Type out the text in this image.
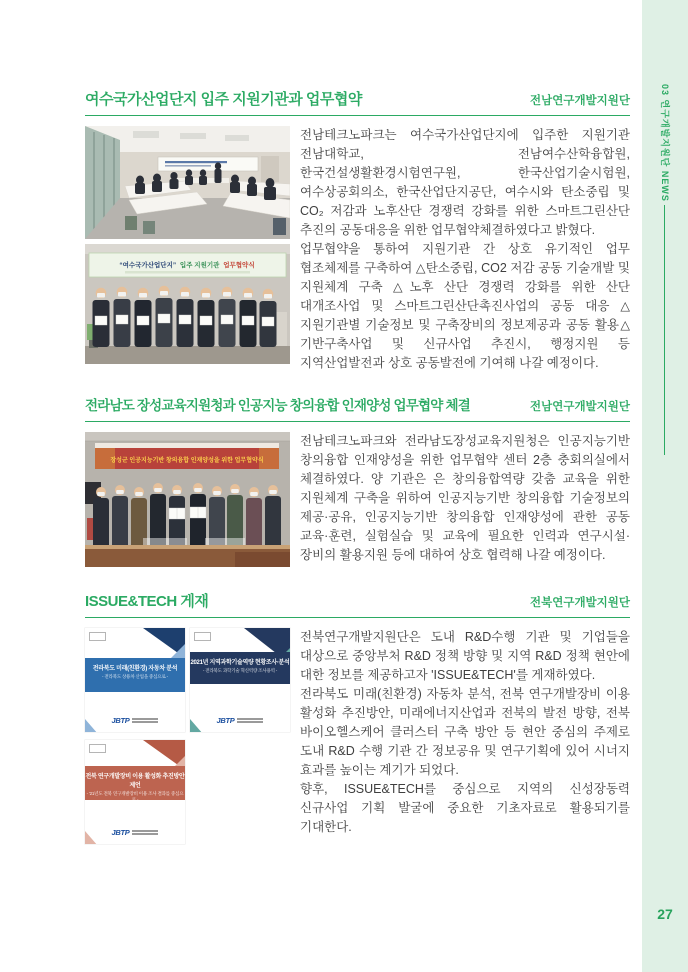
여수국가산업단지 입주 지원기관과 업무협약	전남연구개발지원단
“여수국가산업단지” 입주 지원기관 업무협약식

전남테크노파크는 여수국가산업단지에 입주한 지원기관 전남대학교, 전남여수산학융합원, 한국건설생활환경시험연구원, 한국산업기술시험원, 여수상공회의소, 한국산업단지공단, 여수시와 탄소중립 및 CO₂ 저감과 노후산단 경쟁력 강화를 위한 스마트그린산단 추진의 공동대응을 위한 업무협약체결하였다고 밝혔다.

업무협약을 통하여 지원기관 간 상호 유기적인 업무 협조체제를 구축하여 △탄소중립, CO2 저감 공동 기술개발 및 지원체계 구축 △노후 산단 경쟁력 강화를 위한 산단 대개조사업 및 스마트그린산단촉진사업의 공동 대응 △지원기관별 기술정보 및 구축장비의 정보제공과 공동 활용△기반구축사업 및 신규사업 추진시, 행정지원 등 지역산업발전과 상호 공동발전에 기여해 나갈 예정이다.

전라남도 장성교육지원청과 인공지능 창의융합 인재양성 업무협약 체결	전남연구개발지원단
장성군 인공지능기반 창의융합 인재양성을 위한 업무협약식

전남테크노파크와 전라남도장성교육지원청은 인공지능기반 창의융합 인재양성을 위한 업무협약 센터 2층 충회의실에서 체결하였다. 양 기관은 은 창의융합역량 갖춤 교육을 위한 지원체계 구축을 위하여 인공지능기반 창의융합 기술정보의 제공·공유, 인공지능기반 창의융합 인재양성에 관한 공동 교육·훈련, 실험실습 및 교육에 필요한 인력과 연구시설·장비의 활용지원 등에 대하여 상호 협력해 나갈 예정이다.

ISSUE&TECH 게재	전북연구개발지원단
전라북도 미래(친환경) 자동차 분석
- 전라북도 상용차 산업을 중심으로 -
JBTP
2021년 지역과학기술역량 현황조사·분석
- 전라북도 과학기술 혁신역량 조사용역 -
JBTP
전북 연구개발장비 이용 활성화 추진방안 제언
- '21년도 전북 연구개발장비 이용 조사 결과를 중심으로 -
JBTP

전북연구개발지원단은 도내 R&D수행 기관 및 기업들을 대상으로 중앙부처 R&D 정책 방향 및 지역 R&D 정책 현안에 대한 정보를 제공하고자 'ISSUE&TECH'를 게재하였다.

전라북도 미래(친환경) 자동차 분석, 전북 연구개발장비 이용 활성화 추진방안, 미래에너지산업과 전북의 발전 방향, 전북 바이오헬스케어 클러스터 구축 방안 등 현안 중심의 주제로 도내 R&D 수행 기관 간 정보공유 및 연구기획에 있어 시너지 효과를 높이는 계기가 되었다.

향후, ISSUE&TECH를 중심으로 지역의 신성장동력 신규사업 기획 발굴에 중요한 기초자료로 활용되기를 기대한다.

03 연구개발지원단 NEWS
27
